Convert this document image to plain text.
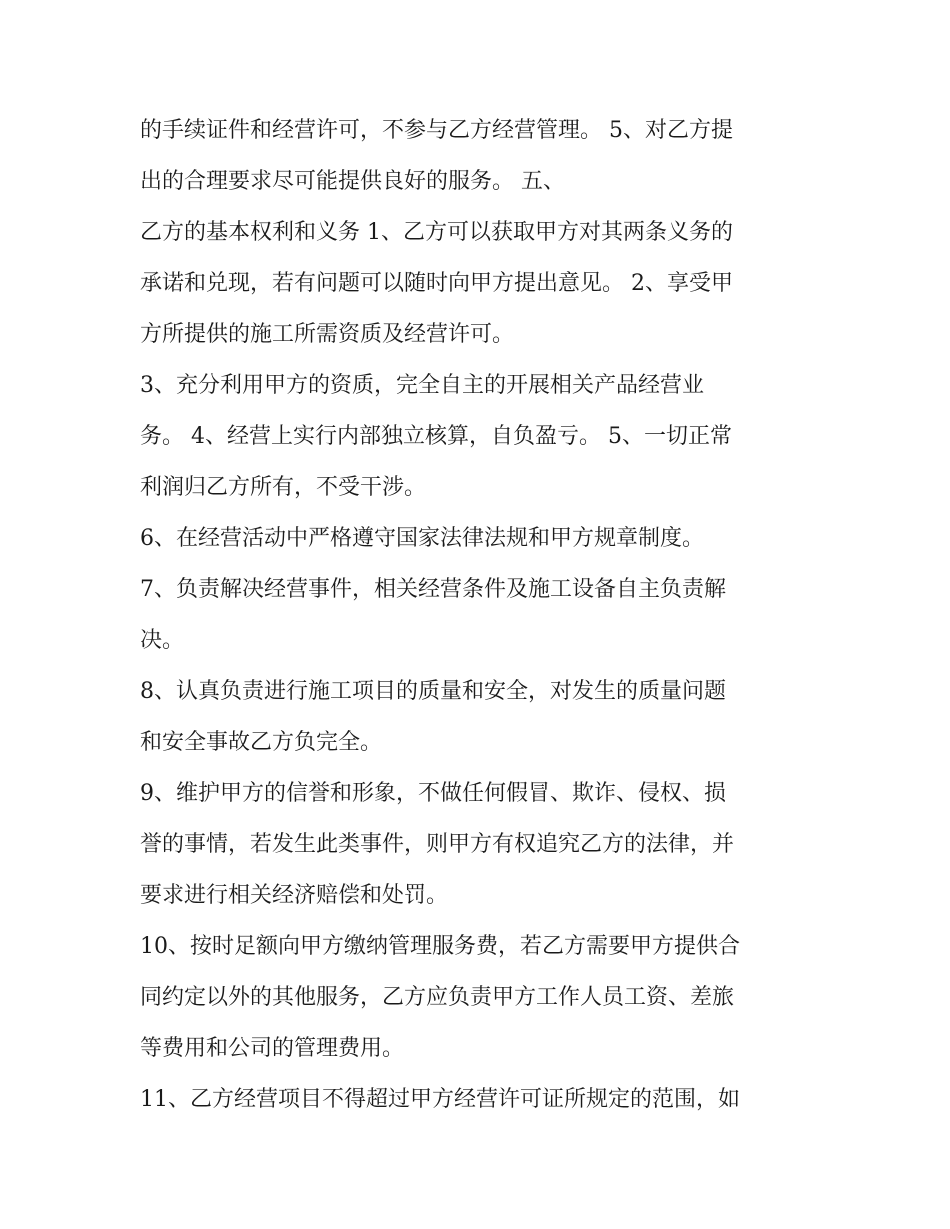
的手续证件和经营许可，不参与乙方经营管理。 5、对乙方提
出的合理要求尽可能提供良好的服务。 五、
乙方的基本权利和义务 1、乙方可以获取甲方对其两条义务的
承诺和兑现，若有问题可以随时向甲方提出意见。 2、享受甲
方所提供的施工所需资质及经营许可。
3、充分利用甲方的资质，完全自主的开展相关产品经营业
务。 4、经营上实行内部独立核算，自负盈亏。 5、一切正常
利润归乙方所有，不受干涉。
6、在经营活动中严格遵守国家法律法规和甲方规章制度。
7、负责解决经营事件，相关经营条件及施工设备自主负责解
决。
8、认真负责进行施工项目的质量和安全，对发生的质量问题
和安全事故乙方负完全。
9、维护甲方的信誉和形象，不做任何假冒、欺诈、侵权、损
誉的事情，若发生此类事件，则甲方有权追究乙方的法律，并
要求进行相关经济赔偿和处罚。
10、按时足额向甲方缴纳管理服务费，若乙方需要甲方提供合
同约定以外的其他服务，乙方应负责甲方工作人员工资、差旅
等费用和公司的管理费用。
11、乙方经营项目不得超过甲方经营许可证所规定的范围，如
